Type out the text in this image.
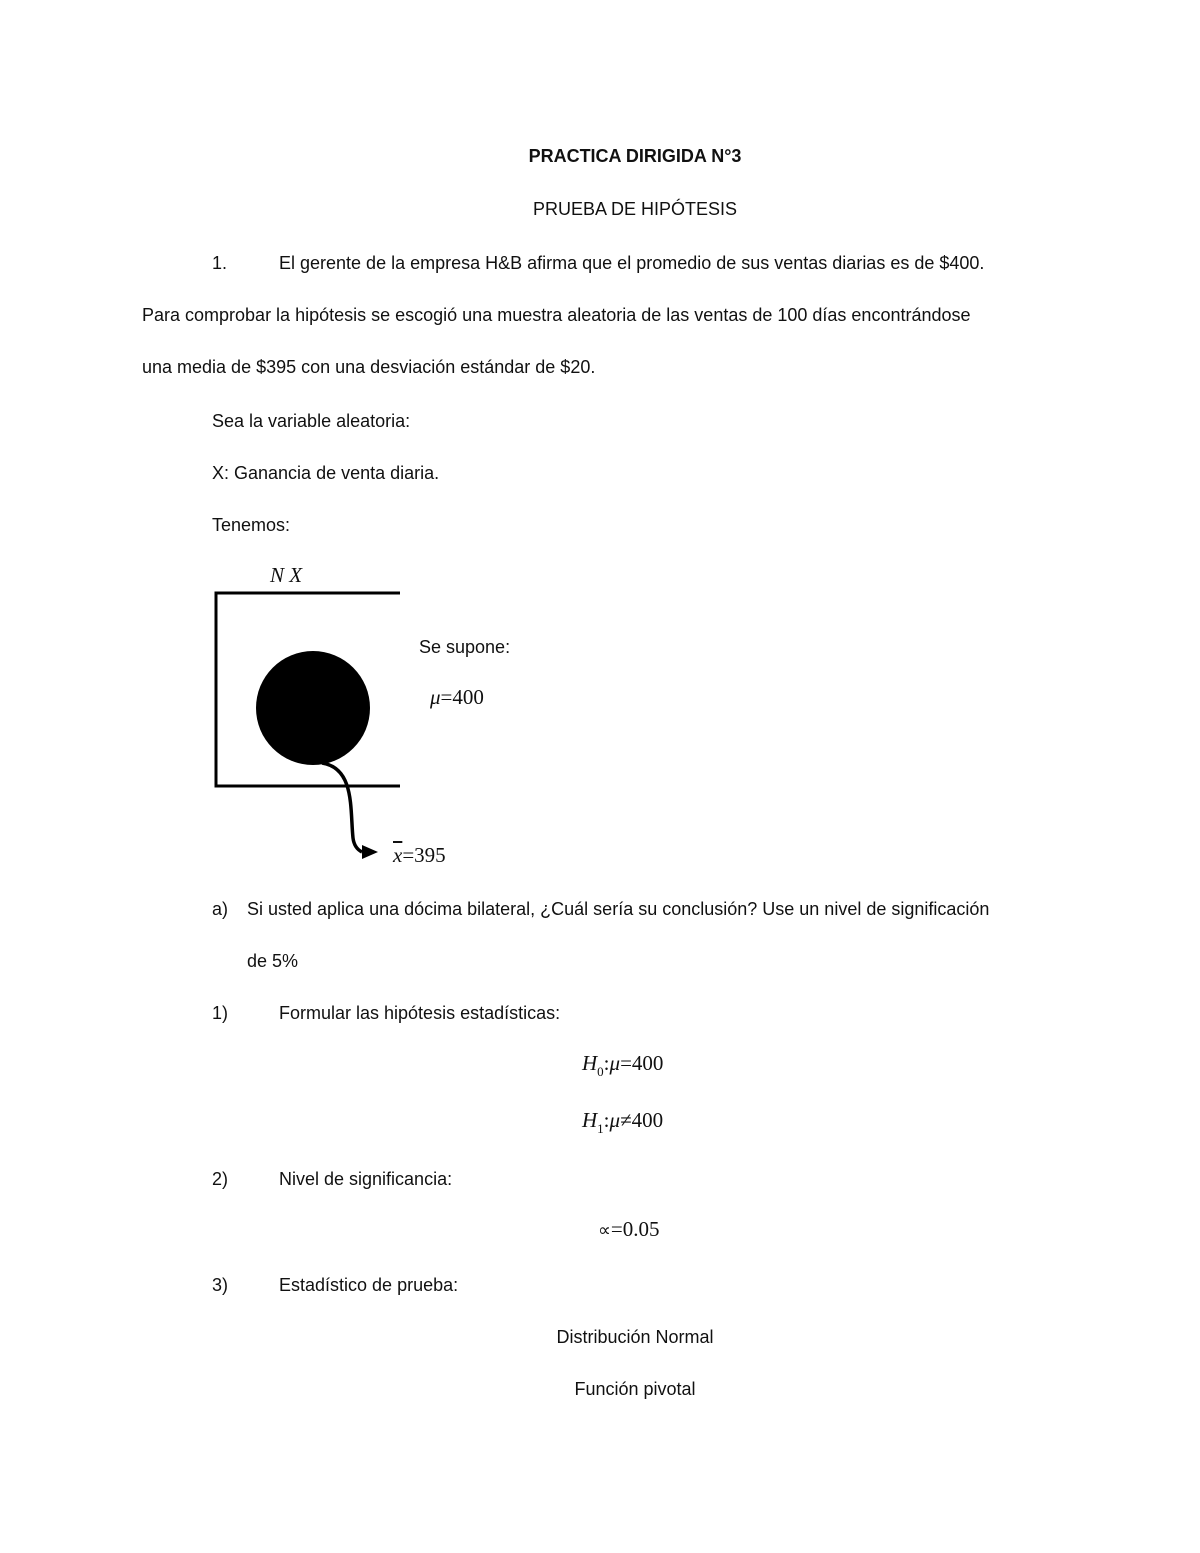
PRACTICA DIRIGIDA N°3
PRUEBA DE HIPÓTESIS
1.	El gerente de la empresa H&B afirma que el promedio de sus ventas diarias es de $400.
Para comprobar la hipótesis se escogió una muestra aleatoria de las ventas de 100 días encontrándose
una media de $395 con una desviación estándar de $20.
Sea la variable aleatoria:
X: Ganancia de venta diaria.
Tenemos:
N X
Se supone:
μ=400
$\overline{x}=395$
a) Si usted aplica una dócima bilateral, ¿Cuál sería su conclusión? Use un nivel de significación
de 5%
1)	Formular las hipótesis estadísticas:
$H_0:\mu=400$
$H_1:\mu\ne 400$
2)	Nivel de significancia:
∝=0.05
3)	Estadístico de prueba:
Distribución Normal
Función pivotal
